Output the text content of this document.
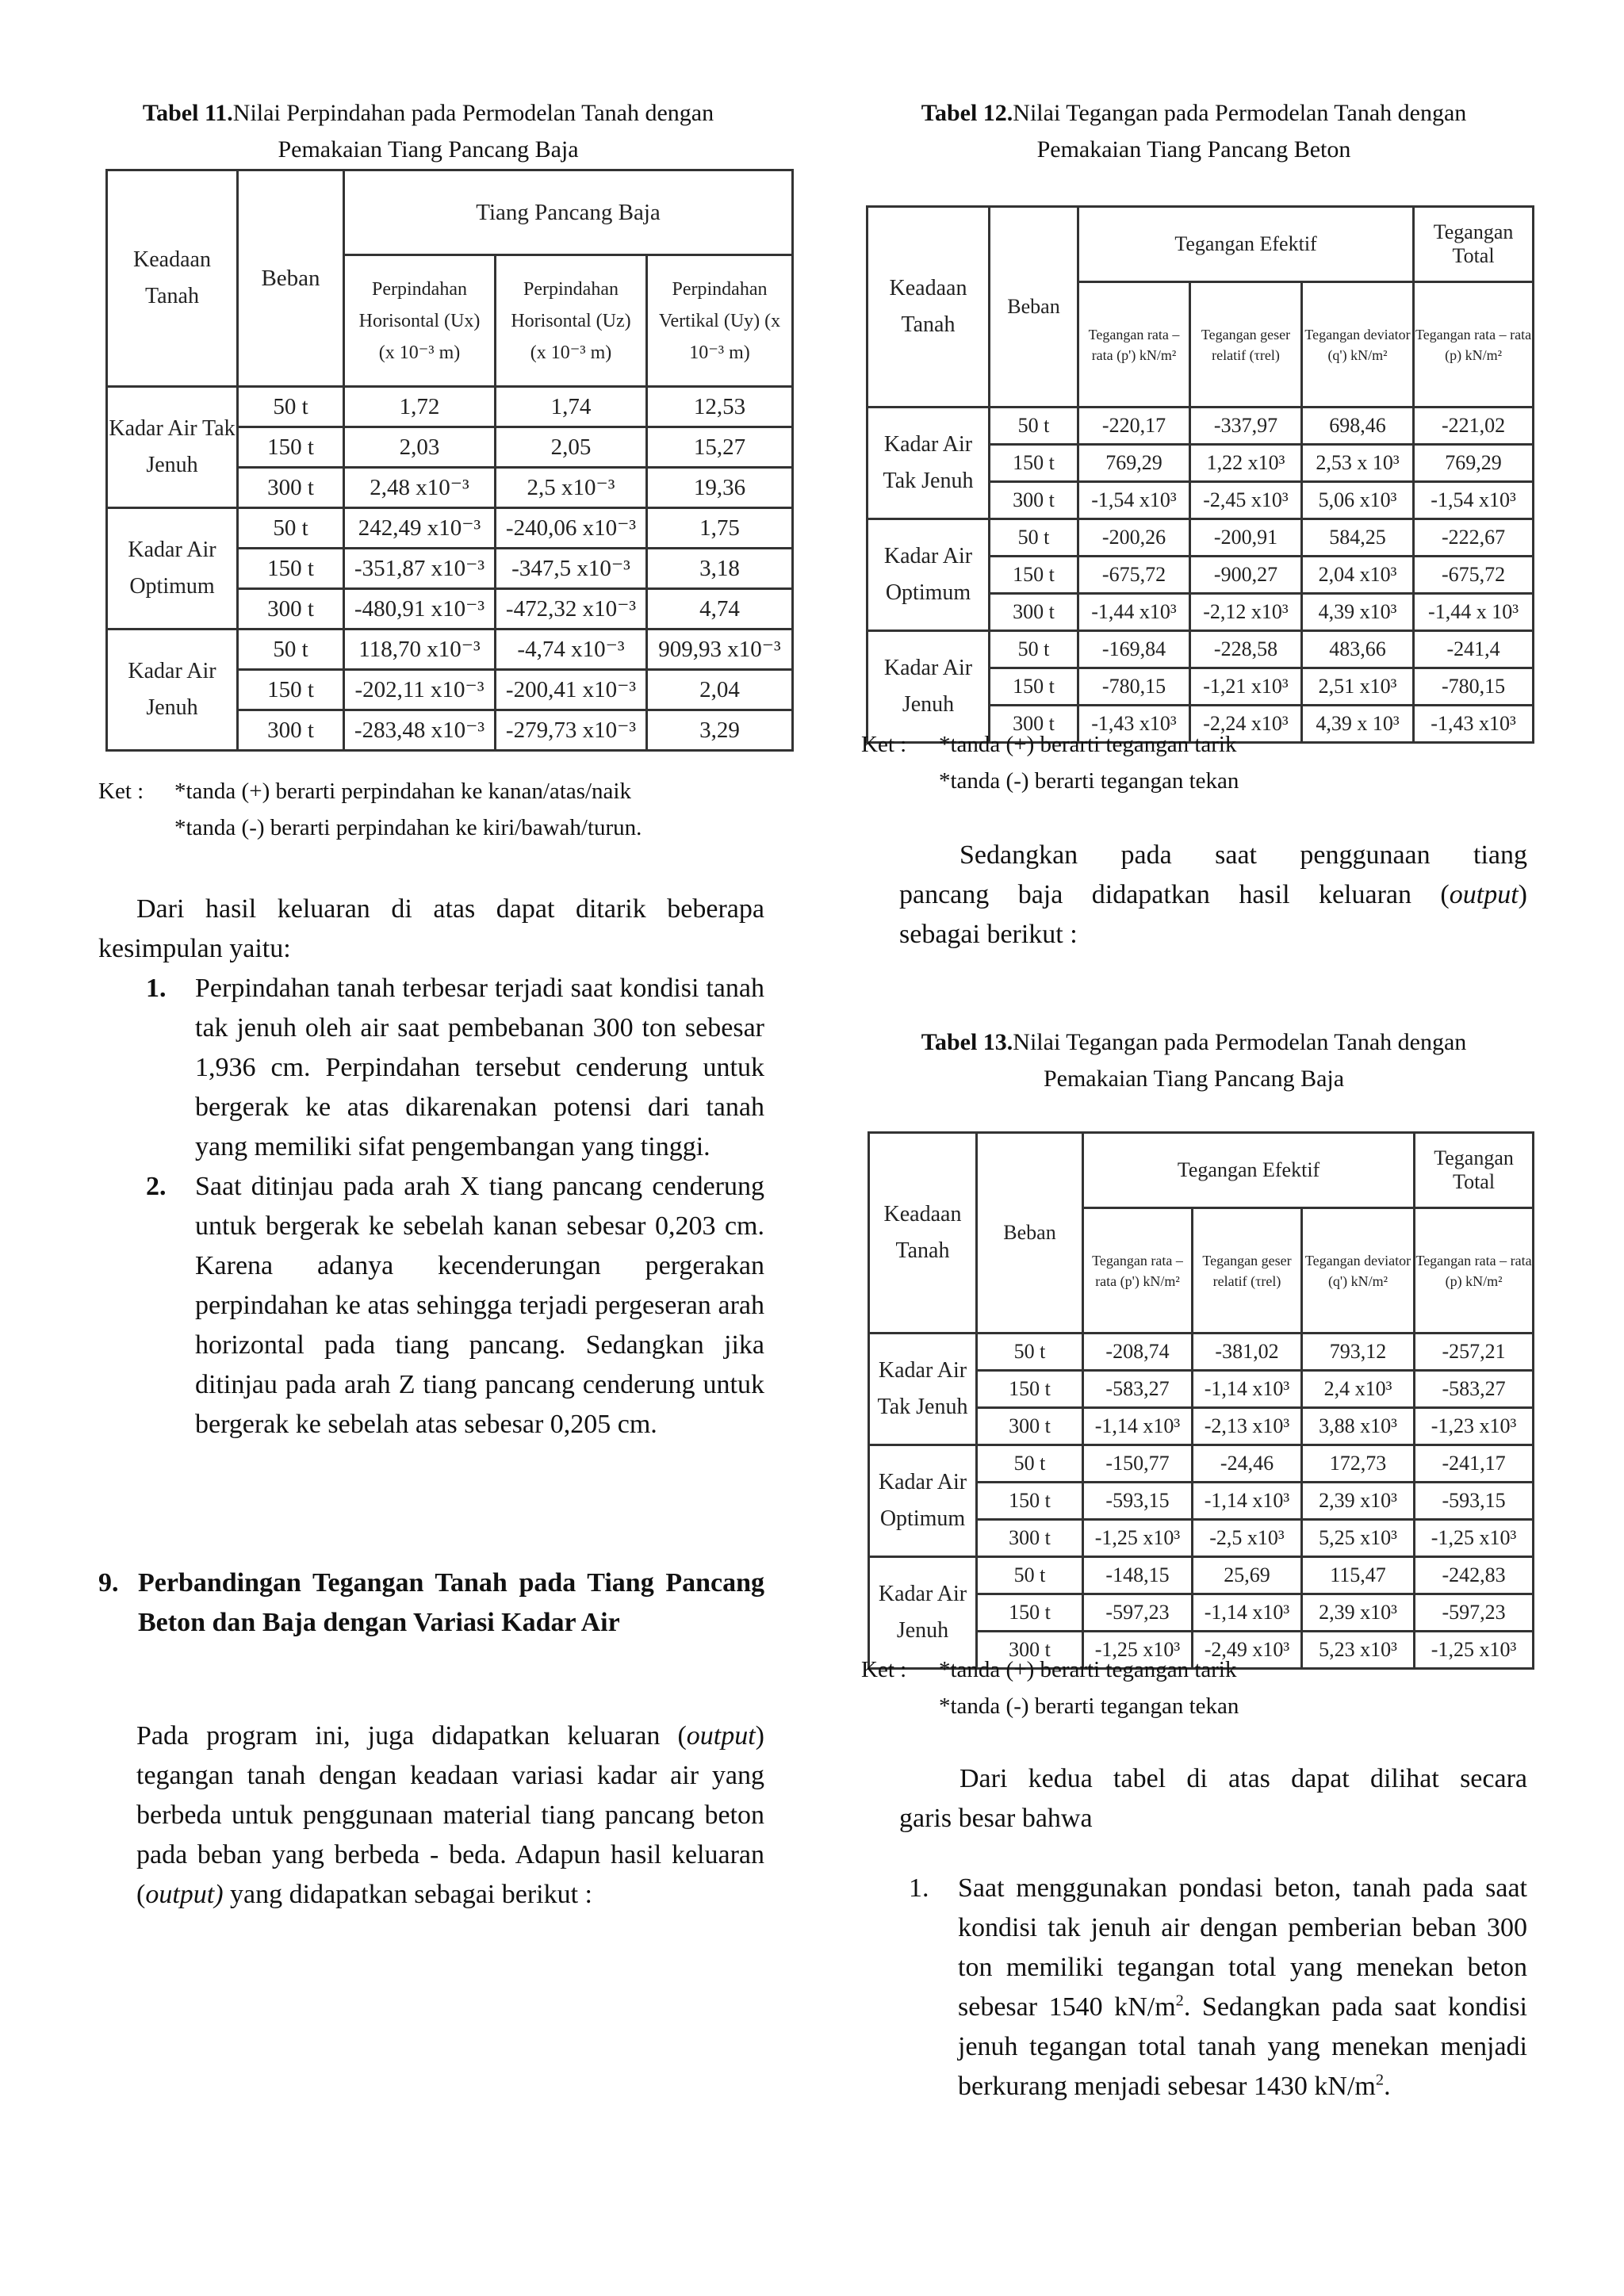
Tabel 11.Nilai Perpindahan pada Permodelan Tanah dengan
Pemakaian Tiang Pancang Baja
Keadaan Tanah	Beban	Tiang Pancang Baja		
		Perpindahan Horisontal (Ux) (x 10⁻³ m)	Perpindahan Horisontal (Uz) (x 10⁻³ m)	Perpindahan Vertikal (Uy) (x 10⁻³ m)
Kadar Air Tak Jenuh	50 t	1,72	1,74	12,53
	150 t	2,03	2,05	15,27
	300 t	2,48 x10⁻³	2,5 x10⁻³	19,36
Kadar Air Optimum	50 t	242,49 x10⁻³	-240,06 x10⁻³	1,75
	150 t	-351,87 x10⁻³	-347,5 x10⁻³	3,18
	300 t	-480,91 x10⁻³	-472,32 x10⁻³	4,74
Kadar Air Jenuh	50 t	118,70 x10⁻³	-4,74 x10⁻³	909,93 x10⁻³
	150 t	-202,11 x10⁻³	-200,41 x10⁻³	2,04
	300 t	-283,48 x10⁻³	-279,73 x10⁻³	3,29
Ket : *tanda (+) berarti perpindahan ke kanan/atas/naik
*tanda (-) berarti perpindahan ke kiri/bawah/turun.
Dari hasil keluaran di atas dapat ditarik beberapa
kesimpulan yaitu:
1. Perpindahan tanah terbesar terjadi saat kondisi tanah tak jenuh oleh air saat pembebanan 300 ton sebesar 1,936 cm. Perpindahan tersebut cenderung untuk bergerak ke atas dikarenakan potensi dari tanah yang memiliki sifat pengembangan yang tinggi.
2. Saat ditinjau pada arah X tiang pancang cenderung untuk bergerak ke sebelah kanan sebesar 0,203 cm. Karena adanya kecenderungan pergerakan perpindahan ke atas sehingga terjadi pergeseran arah horizontal pada tiang pancang. Sedangkan jika ditinjau pada arah Z tiang pancang cenderung untuk bergerak ke sebelah atas sebesar 0,205 cm.
9. Perbandingan Tegangan Tanah pada Tiang Pancang Beton dan Baja dengan Variasi Kadar Air
Pada program ini, juga didapatkan keluaran (output) tegangan tanah dengan keadaan variasi kadar air yang berbeda untuk penggunaan material tiang pancang beton pada beban yang berbeda - beda. Adapun hasil keluaran (output) yang didapatkan sebagai berikut :
Tabel 12.Nilai Tegangan pada Permodelan Tanah dengan
Pemakaian Tiang Pancang Beton
Keadaan Tanah	Beban	Tegangan Efektif			Tegangan Total
		Tegangan rata – rata (p') kN/m²	Tegangan geser relatif (τrel)	Tegangan deviator (q') kN/m²	Tegangan rata – rata (p) kN/m²
Kadar Air Tak Jenuh	50 t	-220,17	-337,97	698,46	-221,02
	150 t	769,29	1,22 x10³	2,53 x 10³	769,29
	300 t	-1,54 x10³	-2,45 x10³	5,06 x10³	-1,54 x10³
Kadar Air Optimum	50 t	-200,26	-200,91	584,25	-222,67
	150 t	-675,72	-900,27	2,04 x10³	-675,72
	300 t	-1,44 x10³	-2,12 x10³	4,39 x10³	-1,44 x 10³
Kadar Air Jenuh	50 t	-169,84	-228,58	483,66	-241,4
	150 t	-780,15	-1,21 x10³	2,51 x10³	-780,15
	300 t	-1,43 x10³	-2,24 x10³	4,39 x 10³	-1,43 x10³
Ket : *tanda (+) berarti tegangan tarik
*tanda (-) berarti tegangan tekan
Sedangkan pada saat penggunaan tiang
pancang baja didapatkan hasil keluaran (output)
sebagai berikut :
Tabel 13.Nilai Tegangan pada Permodelan Tanah dengan
Pemakaian Tiang Pancang Baja
Keadaan Tanah	Beban	Tegangan Efektif			Tegangan Total
		Tegangan rata – rata (p') kN/m²	Tegangan geser relatif (τrel)	Tegangan deviator (q') kN/m²	Tegangan rata – rata (p) kN/m²
Kadar Air Tak Jenuh	50 t	-208,74	-381,02	793,12	-257,21
	150 t	-583,27	-1,14 x10³	2,4 x10³	-583,27
	300 t	-1,14 x10³	-2,13 x10³	3,88 x10³	-1,23 x10³
Kadar Air Optimum	50 t	-150,77	-24,46	172,73	-241,17
	150 t	-593,15	-1,14 x10³	2,39 x10³	-593,15
	300 t	-1,25 x10³	-2,5 x10³	5,25 x10³	-1,25 x10³
Kadar Air Jenuh	50 t	-148,15	25,69	115,47	-242,83
	150 t	-597,23	-1,14 x10³	2,39 x10³	-597,23
	300 t	-1,25 x10³	-2,49 x10³	5,23 x10³	-1,25 x10³
Ket : *tanda (+) berarti tegangan tarik
*tanda (-) berarti tegangan tekan
Dari kedua tabel di atas dapat dilihat secara
garis besar bahwa
1. Saat menggunakan pondasi beton, tanah pada saat kondisi tak jenuh air dengan pemberian beban 300 ton memiliki tegangan total yang menekan beton sebesar 1540 $kN/m^2$. Sedangkan pada saat kondisi jenuh tegangan total tanah yang menekan menjadi berkurang menjadi sebesar 1430 $kN/m^2$.
